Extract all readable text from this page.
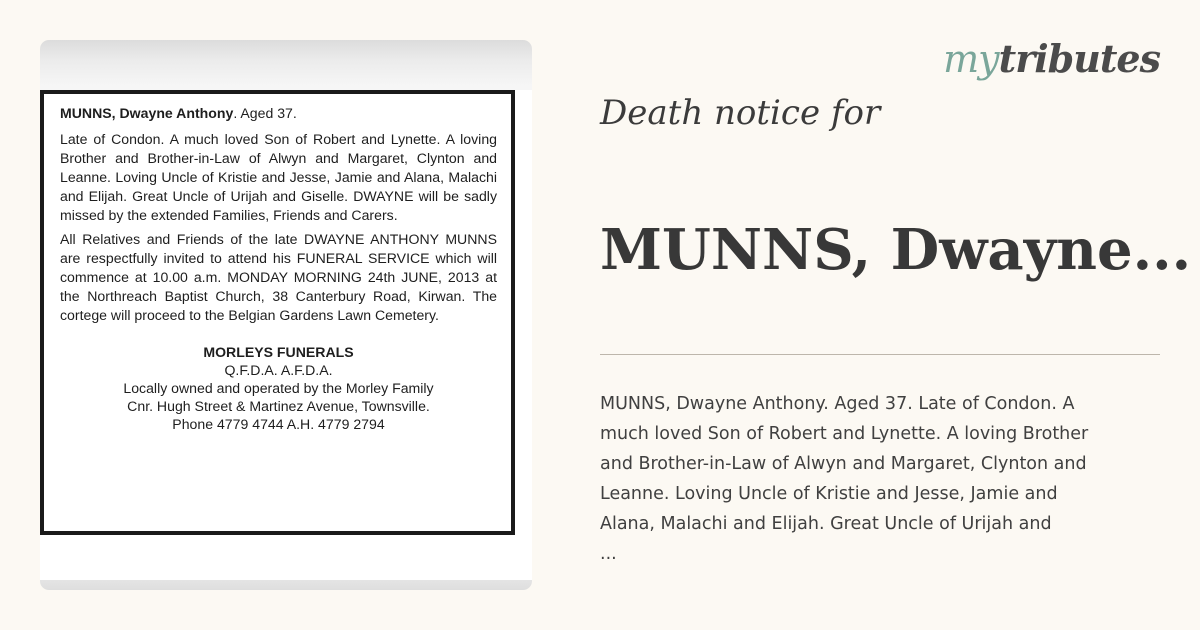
MUNNS, Dwayne Anthony. Aged 37.

Late of Condon. A much loved Son of Robert and Lynette. A loving Brother and Brother-in-Law of Alwyn and Margaret, Clynton and Leanne. Loving Uncle of Kristie and Jesse, Jamie and Alana, Malachi and Elijah. Great Uncle of Urijah and Giselle. DWAYNE will be sadly missed by the extended Families, Friends and Carers.

All Relatives and Friends of the late DWAYNE ANTHONY MUNNS are respectfully invited to attend his FUNERAL SERVICE which will commence at 10.00 a.m. MONDAY MORNING 24th JUNE, 2013 at the Northreach Baptist Church, 38 Canterbury Road, Kirwan. The cortege will proceed to the Belgian Gardens Lawn Cemetery.

MORLEYS FUNERALS
Q.F.D.A. A.F.D.A.
Locally owned and operated by the Morley Family
Cnr. Hugh Street & Martinez Avenue, Townsville.
Phone 4779 4744 A.H. 4779 2794
mytributes
Death notice for
MUNNS, Dwayne...
MUNNS, Dwayne Anthony. Aged 37. Late of Condon. A
much loved Son of Robert and Lynette. A loving Brother
and Brother-in-Law of Alwyn and Margaret, Clynton and
Leanne. Loving Uncle of Kristie and Jesse, Jamie and
Alana, Malachi and Elijah. Great Uncle of Urijah and
...
